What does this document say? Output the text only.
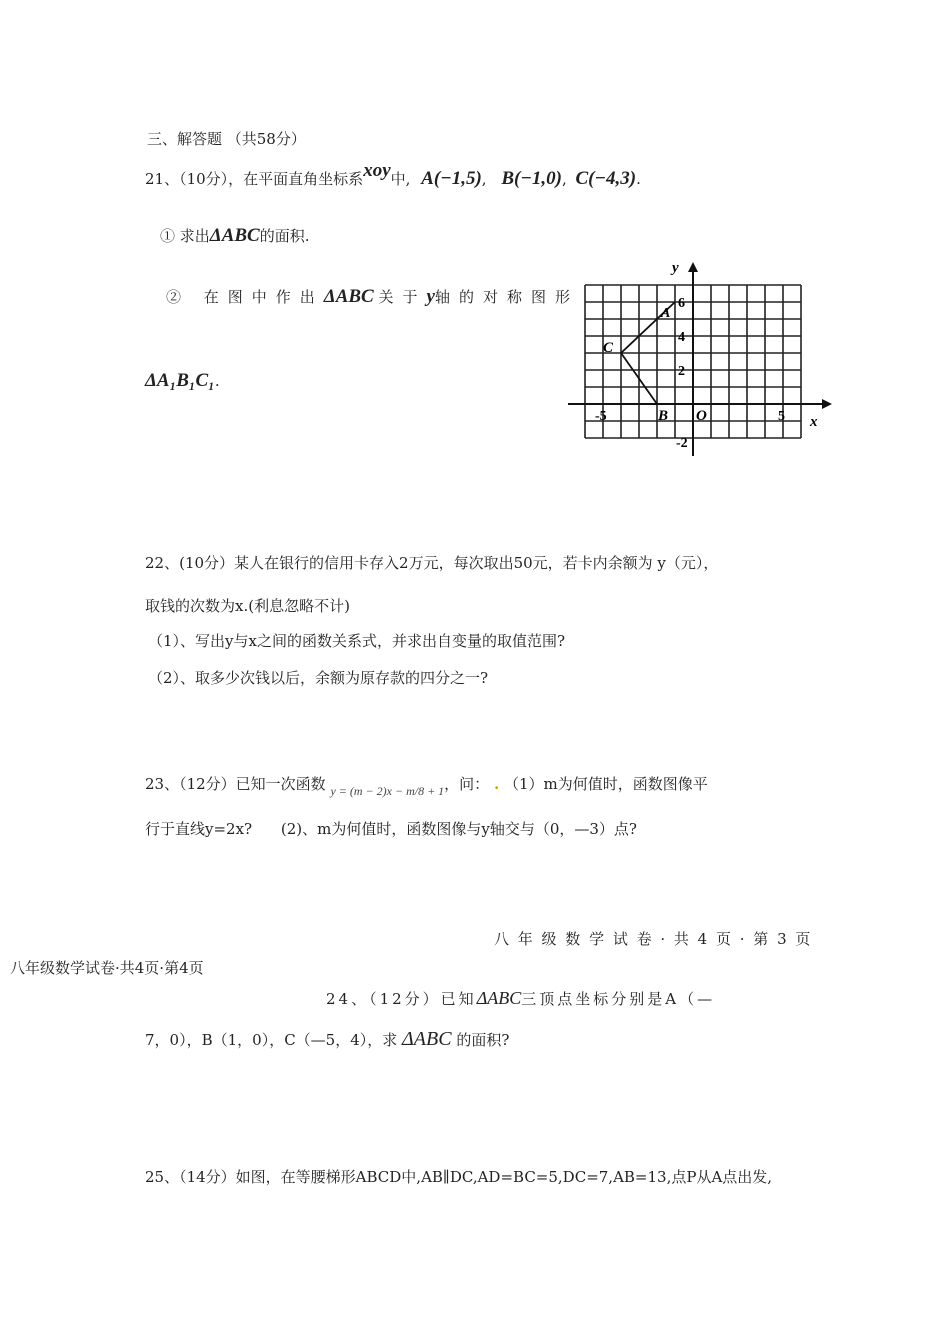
三、解答题 （共58分）
21、（10分），在平面直角坐标系xoy中, A(−1,5), B(−1,0), C(−4,3).
① 求出ΔABC的面积.
② 在图中作出ΔABC 关于y轴的对称图形
ΔA₁B₁C₁.
y
x
6
4
2
-2
-5	5
A
C
B O
22、(10分）某人在银行的信用卡存入2万元，每次取出50元，若卡内余额为 y（元），
取钱的次数为x.(利息忽略不计)
（1）、写出y与x之间的函数关系式，并求出自变量的取值范围?
（2）、取多少次钱以后，余额为原存款的四分之一?
23、（12分）已知一次函数 $_{y = (m - 2)x - m/8 + 1}$，问： . （1）m为何值时，函数图像平
行于直线y=2x? (2)、m为何值时，函数图像与y轴交与（0，—3）点?
八 年 级 数 学 试 卷 · 共 4 页 · 第 3 页
八年级数学试卷·共4页·第4页
24、（12分）已知ΔABC三顶点坐标分别是A（—
7，0），B（1，0），C（—5，4），求 ΔABC 的面积?
25、（14分）如图，在等腰梯形ABCD中,AB∥DC,AD=BC=5,DC=7,AB=13,点P从A点出发,
